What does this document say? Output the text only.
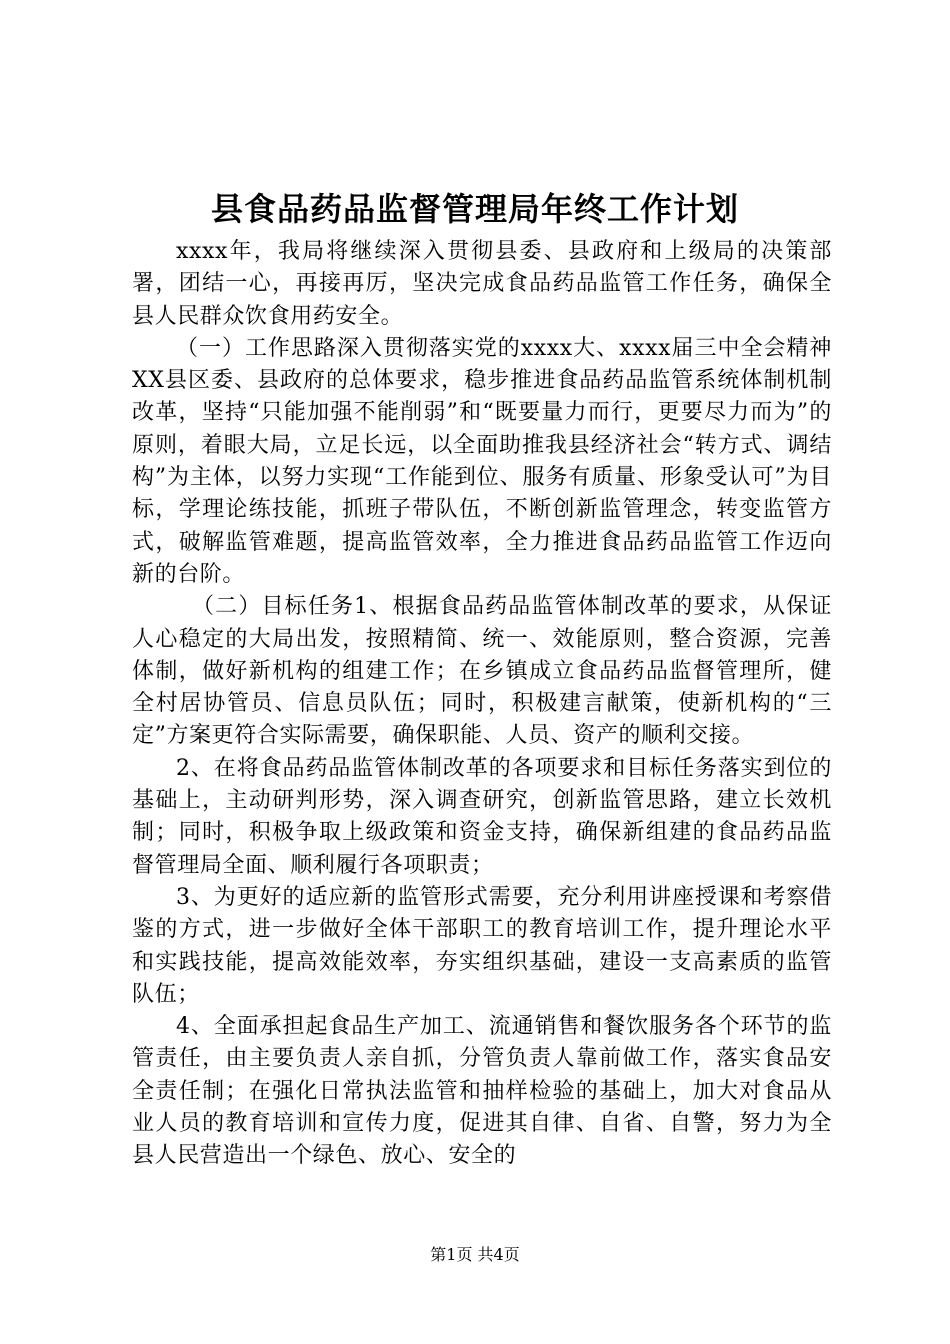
县食品药品监督管理局年终工作计划

xxxx年，我局将继续深入贯彻县委、县政府和上级局的决策部署，团结一心，再接再厉，坚决完成食品药品监管工作任务，确保全县人民群众饮食用药安全。

（一）工作思路深入贯彻落实党的xxxx大、xxxx届三中全会精神XX县区委、县政府的总体要求，稳步推进食品药品监管系统体制机制改革，坚持“只能加强不能削弱”和“既要量力而行，更要尽力而为”的原则，着眼大局，立足长远，以全面助推我县经济社会“转方式、调结构”为主体，以努力实现“工作能到位、服务有质量、形象受认可”为目标，学理论练技能，抓班子带队伍，不断创新监管理念，转变监管方式，破解监管难题，提高监管效率，全力推进食品药品监管工作迈向新的台阶。

（二）目标任务1、根据食品药品监管体制改革的要求，从保证人心稳定的大局出发，按照精简、统一、效能原则，整合资源，完善体制，做好新机构的组建工作；在乡镇成立食品药品监督管理所，健全村居协管员、信息员队伍；同时，积极建言献策，使新机构的“三定”方案更符合实际需要，确保职能、人员、资产的顺利交接。

2、在将食品药品监管体制改革的各项要求和目标任务落实到位的基础上，主动研判形势，深入调查研究，创新监管思路，建立长效机制；同时，积极争取上级政策和资金支持，确保新组建的食品药品监督管理局全面、顺利履行各项职责；

3、为更好的适应新的监管形式需要，充分利用讲座授课和考察借鉴的方式，进一步做好全体干部职工的教育培训工作，提升理论水平和实践技能，提高效能效率，夯实组织基础，建设一支高素质的监管队伍；

4、全面承担起食品生产加工、流通销售和餐饮服务各个环节的监管责任，由主要负责人亲自抓，分管负责人靠前做工作，落实食品安全责任制；在强化日常执法监管和抽样检验的基础上，加大对食品从业人员的教育培训和宣传力度，促进其自律、自省、自警，努力为全县人民营造出一个绿色、放心、安全的

第1页 共4页
